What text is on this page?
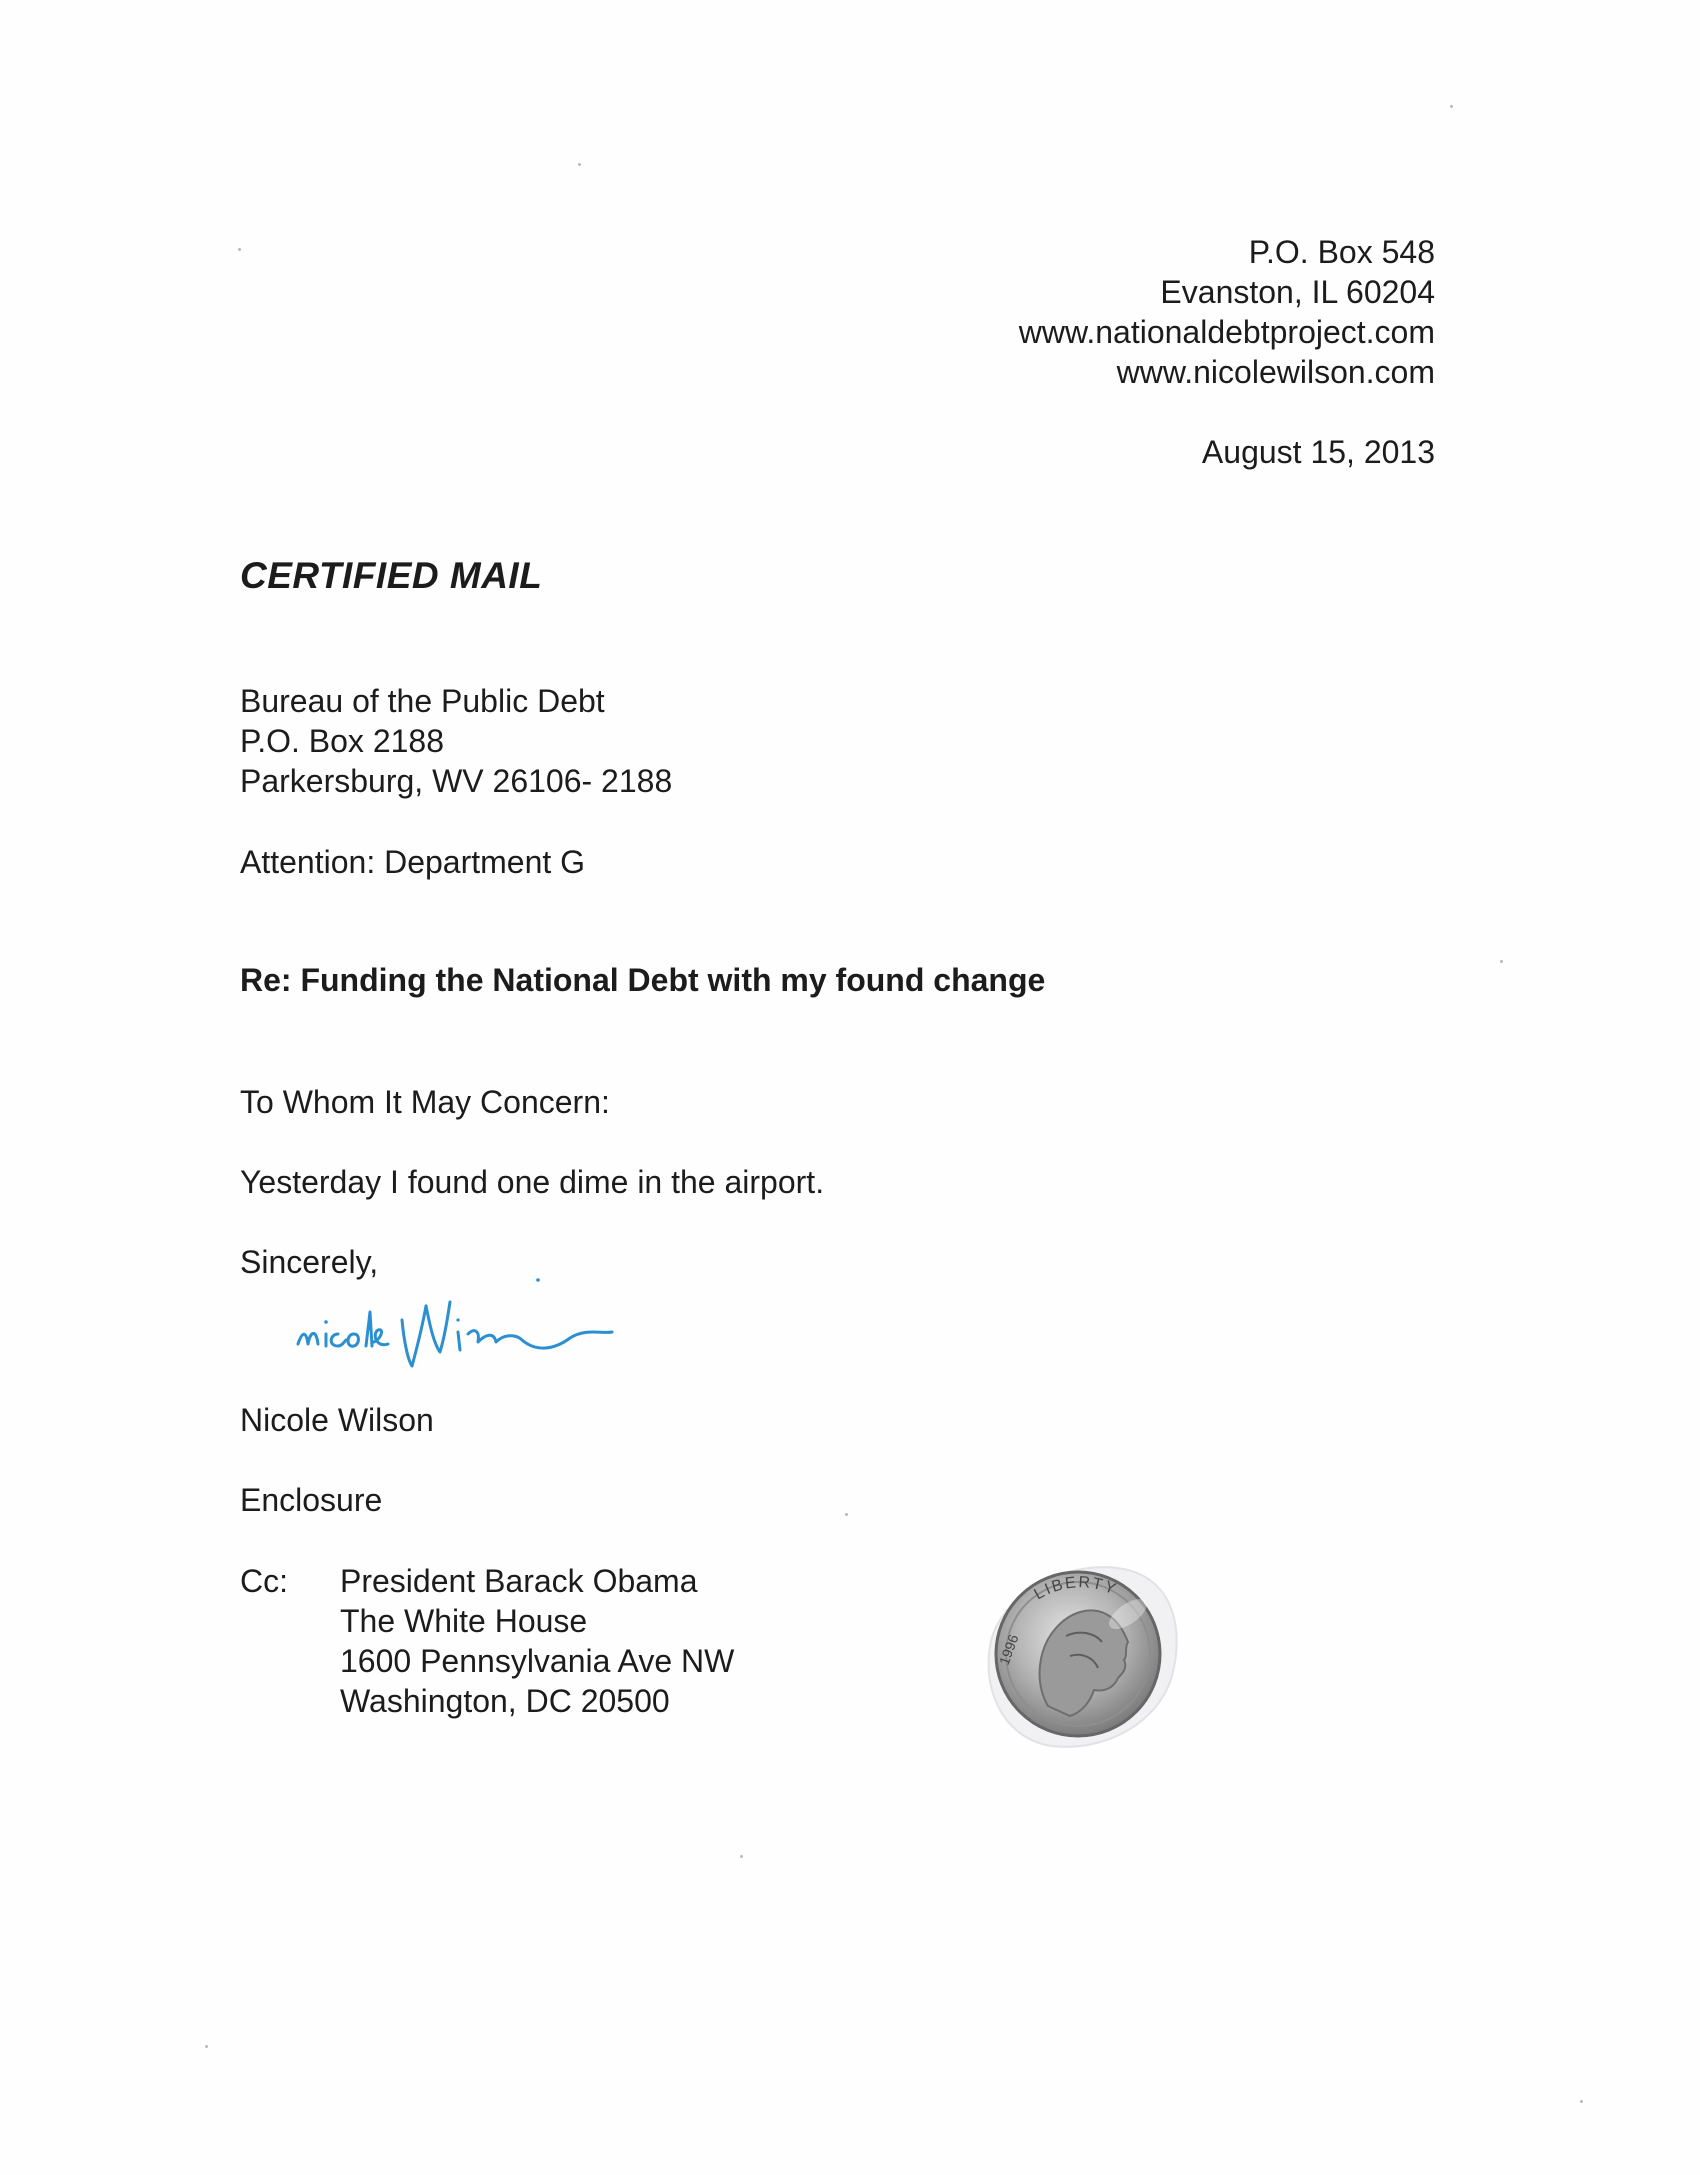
P.O. Box 548
Evanston, IL 60204
www.nationaldebtproject.com
www.nicolewilson.com
August 15, 2013
CERTIFIED MAIL
Bureau of the Public Debt
P.O. Box 2188
Parkersburg, WV 26106- 2188
Attention: Department G
Re: Funding the National Debt with my found change
To Whom It May Concern:
Yesterday I found one dime in the airport.
Sincerely,
Nicole Wilson
Enclosure
Cc: President Barack Obama
The White House
1600 Pennsylvania Ave NW
Washington, DC 20500
LIBERTY
1996
